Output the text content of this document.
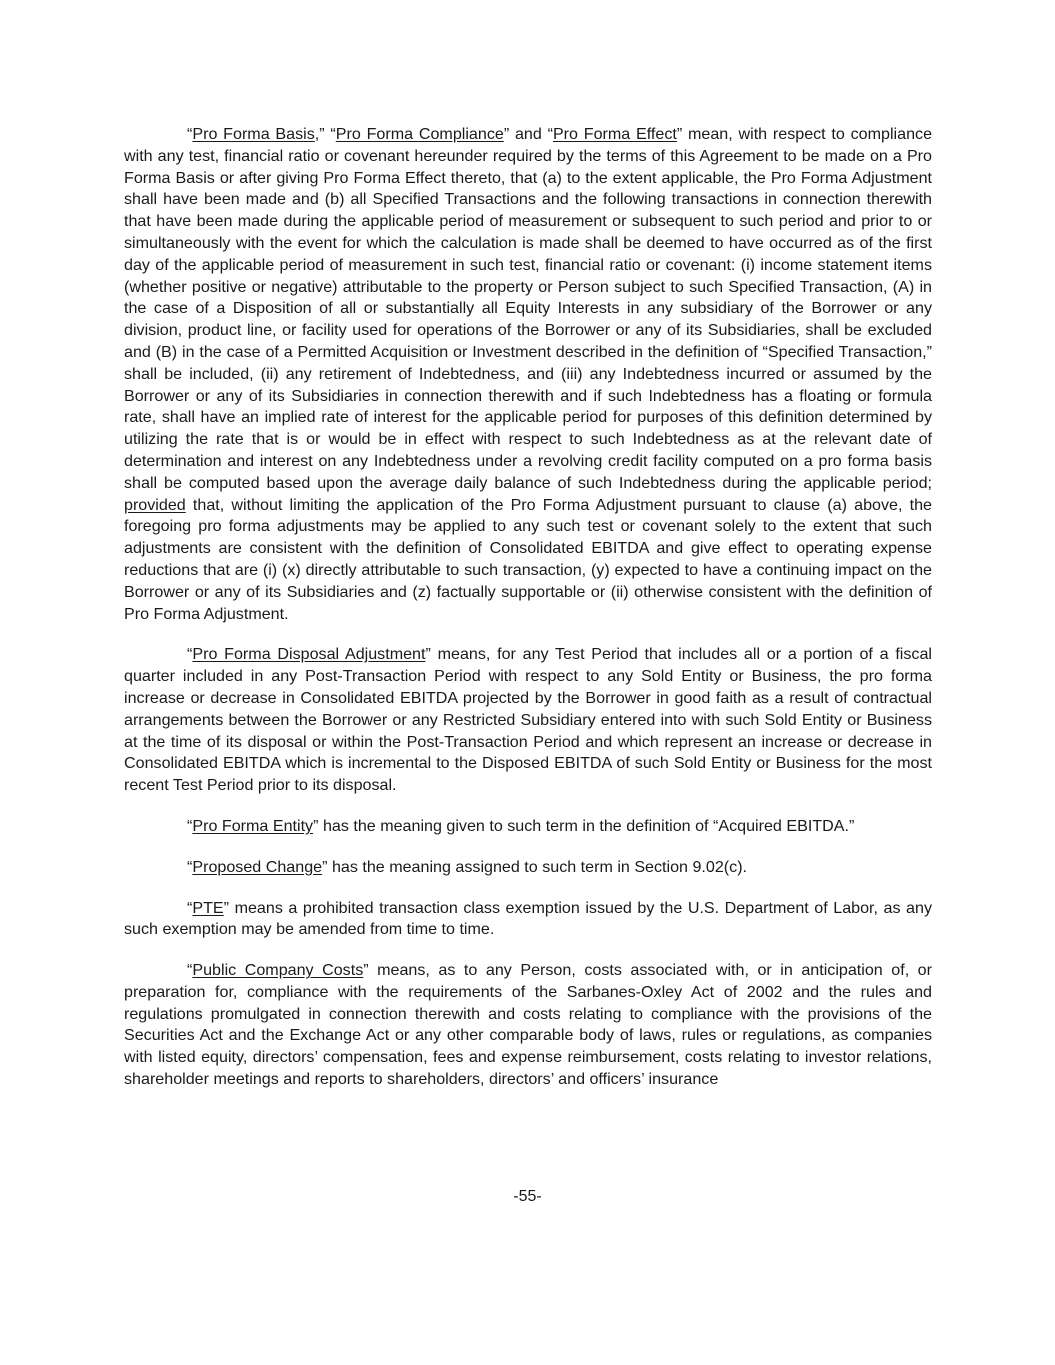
“Pro Forma Basis,” “Pro Forma Compliance” and “Pro Forma Effect” mean, with respect to compliance with any test, financial ratio or covenant hereunder required by the terms of this Agreement to be made on a Pro Forma Basis or after giving Pro Forma Effect thereto, that (a) to the extent applicable, the Pro Forma Adjustment shall have been made and (b) all Specified Transactions and the following transactions in connection therewith that have been made during the applicable period of measurement or subsequent to such period and prior to or simultaneously with the event for which the calculation is made shall be deemed to have occurred as of the first day of the applicable period of measurement in such test, financial ratio or covenant: (i) income statement items (whether positive or negative) attributable to the property or Person subject to such Specified Transaction, (A) in the case of a Disposition of all or substantially all Equity Interests in any subsidiary of the Borrower or any division, product line, or facility used for operations of the Borrower or any of its Subsidiaries, shall be excluded and (B) in the case of a Permitted Acquisition or Investment described in the definition of “Specified Transaction,” shall be included, (ii) any retirement of Indebtedness, and (iii) any Indebtedness incurred or assumed by the Borrower or any of its Subsidiaries in connection therewith and if such Indebtedness has a floating or formula rate, shall have an implied rate of interest for the applicable period for purposes of this definition determined by utilizing the rate that is or would be in effect with respect to such Indebtedness as at the relevant date of determination and interest on any Indebtedness under a revolving credit facility computed on a pro forma basis shall be computed based upon the average daily balance of such Indebtedness during the applicable period; provided that, without limiting the application of the Pro Forma Adjustment pursuant to clause (a) above, the foregoing pro forma adjustments may be applied to any such test or covenant solely to the extent that such adjustments are consistent with the definition of Consolidated EBITDA and give effect to operating expense reductions that are (i) (x) directly attributable to such transaction, (y) expected to have a continuing impact on the Borrower or any of its Subsidiaries and (z) factually supportable or (ii) otherwise consistent with the definition of Pro Forma Adjustment.

“Pro Forma Disposal Adjustment” means, for any Test Period that includes all or a portion of a fiscal quarter included in any Post-Transaction Period with respect to any Sold Entity or Business, the pro forma increase or decrease in Consolidated EBITDA projected by the Borrower in good faith as a result of contractual arrangements between the Borrower or any Restricted Subsidiary entered into with such Sold Entity or Business at the time of its disposal or within the Post-Transaction Period and which represent an increase or decrease in Consolidated EBITDA which is incremental to the Disposed EBITDA of such Sold Entity or Business for the most recent Test Period prior to its disposal.

“Pro Forma Entity” has the meaning given to such term in the definition of “Acquired EBITDA.”

“Proposed Change” has the meaning assigned to such term in Section 9.02(c).

“PTE” means a prohibited transaction class exemption issued by the U.S. Department of Labor, as any such exemption may be amended from time to time.

“Public Company Costs” means, as to any Person, costs associated with, or in anticipation of, or preparation for, compliance with the requirements of the Sarbanes-Oxley Act of 2002 and the rules and regulations promulgated in connection therewith and costs relating to compliance with the provisions of the Securities Act and the Exchange Act or any other comparable body of laws, rules or regulations, as companies with listed equity, directors’ compensation, fees and expense reimbursement, costs relating to investor relations, shareholder meetings and reports to shareholders, directors’ and officers’ insurance

-55-
